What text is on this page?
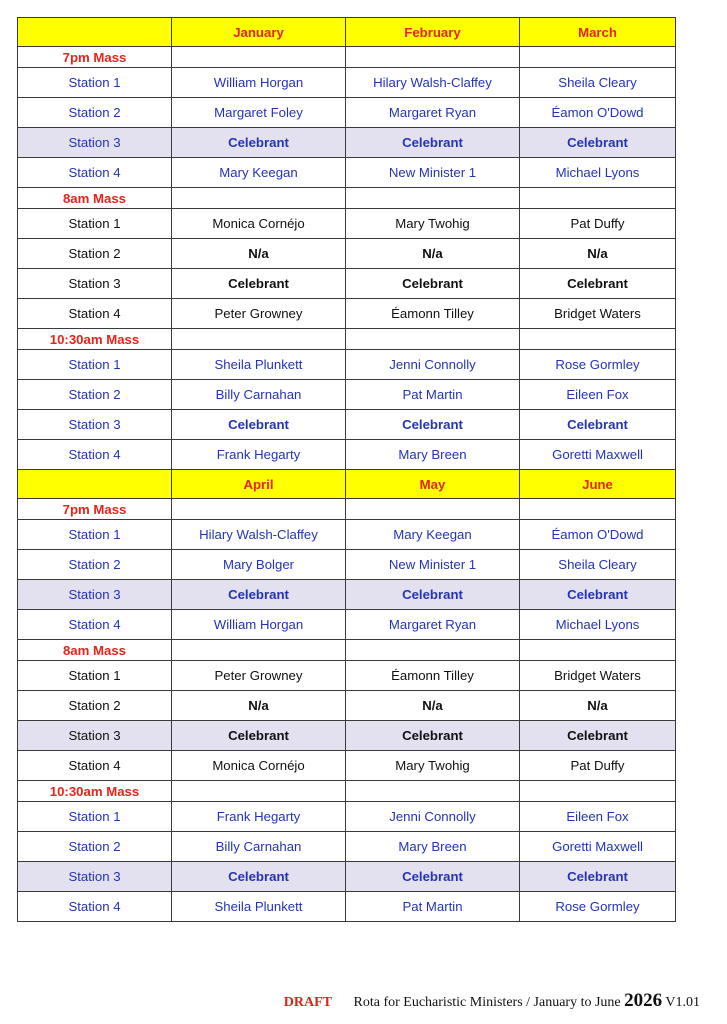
	January	February	March
7pm Mass			
Station 1	William Horgan	Hilary Walsh-Claffey	Sheila Cleary
Station 2	Margaret Foley	Margaret Ryan	Éamon O'Dowd
Station 3	Celebrant	Celebrant	Celebrant
Station 4	Mary Keegan	New Minister 1	Michael Lyons
8am Mass			
Station 1	Monica Cornéjo	Mary Twohig	Pat Duffy
Station 2	N/a	N/a	N/a
Station 3	Celebrant	Celebrant	Celebrant
Station 4	Peter Growney	Éamonn Tilley	Bridget Waters
10:30am Mass			
Station 1	Sheila Plunkett	Jenni Connolly	Rose Gormley
Station 2	Billy Carnahan	Pat Martin	Eileen Fox
Station 3	Celebrant	Celebrant	Celebrant
Station 4	Frank Hegarty	Mary Breen	Goretti Maxwell
	April	May	June
7pm Mass			
Station 1	Hilary Walsh-Claffey	Mary Keegan	Éamon O'Dowd
Station 2	Mary Bolger	New Minister 1	Sheila Cleary
Station 3	Celebrant	Celebrant	Celebrant
Station 4	William Horgan	Margaret Ryan	Michael Lyons
8am Mass			
Station 1	Peter Growney	Éamonn Tilley	Bridget Waters
Station 2	N/a	N/a	N/a
Station 3	Celebrant	Celebrant	Celebrant
Station 4	Monica Cornéjo	Mary Twohig	Pat Duffy
10:30am Mass			
Station 1	Frank Hegarty	Jenni Connolly	Eileen Fox
Station 2	Billy Carnahan	Mary Breen	Goretti Maxwell
Station 3	Celebrant	Celebrant	Celebrant
Station 4	Sheila Plunkett	Pat Martin	Rose Gormley
DRAFT Rota for Eucharistic Ministers / January to June 2026 V1.01
